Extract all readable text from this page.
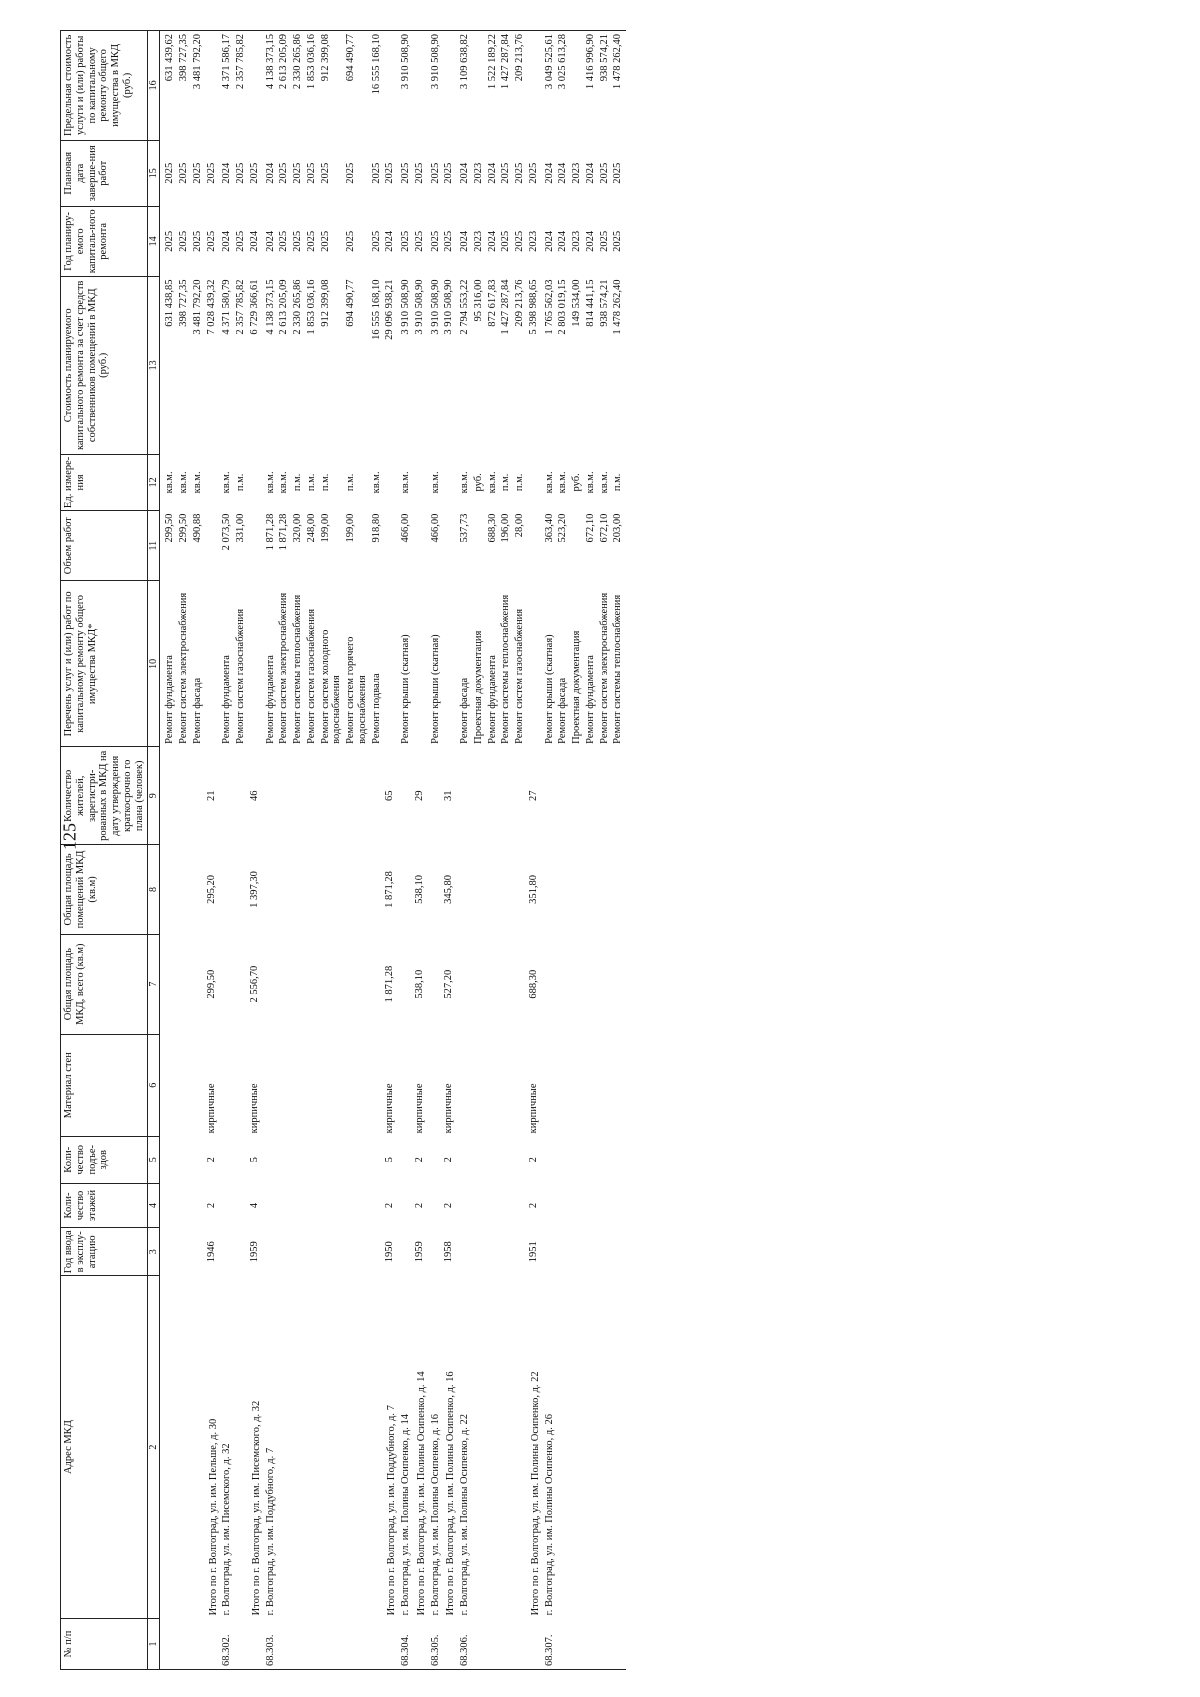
125
№ п/п	Адрес МКД	Год ввода в эксплу-атацию	Коли-чество этажей	Коли-чество подъе-здов	Материал стен	Общая площадь МКД, всего (кв.м)	Общая площадь помещений МКД (кв.м)	Количество жителей, зарегистри-рованных в МКД на дату утверждения краткосрочно го плана (человек)	Перечень услуг и (или) работ по капитальному ремонту общего имущества МКД*	Объем работ	Ед. измере-ния	Стоимость планируемого капитального ремонта за счет средств собственников помещений в МКД (руб.)	Год планиру-емого капиталь-ного ремонта	Плановая дата заверше-ния работ	Предельная стоимость услуги и (или) работы по капитальному ремонту общего имущества в МКД (руб.)
1	2	3	4	5	6	7	8	9	10	11	12	13	14	15	16
									Ремонт фундамента	299,50	кв.м.	631 438,85	2025	2025	631 439,62
									Ремонт систем электроснабжения	299,50	кв.м.	398 727,35	2025	2025	398 727,35
									Ремонт фасада	490,88	кв.м.	3 481 792,20	2025	2025	3 481 792,20
	Итого по г. Волгоград, ул. им. Пельше, д. 30	1946	2	2	кирпичные	299,50	295,20	21				7 028 439,32	2025	2025	
68.302.	г. Волгоград, ул. им. Писемского, д. 32								Ремонт фундамента	2 073,50	кв.м.	4 371 580,79	2024	2024	4 371 586,17
									Ремонт систем газоснабжения	331,00	п.м.	2 357 785,82	2025	2025	2 357 785,82
	Итого по г. Волгоград, ул. им. Писемского, д. 32	1959	4	5	кирпичные	2 556,70	1 397,30	46				6 729 366,61	2024	2025	
68.303.	г. Волгоград, ул. им. Поддубного, д. 7								Ремонт фундамента	1 871,28	кв.м.	4 138 373,15	2024	2024	4 138 373,15
									Ремонт систем электроснабжения	1 871,28	кв.м.	2 613 205,09	2025	2025	2 613 205,09
									Ремонт системы теплоснабжения	320,00	п.м.	2 330 265,86	2025	2025	2 330 265,86
									Ремонт систем газоснабжения	248,00	п.м.	1 853 036,16	2025	2025	1 853 036,16
									Ремонт систем холодного водоснабжения	199,00	п.м.	912 399,08	2025	2025	912 399,08
									Ремонт систем горячего водоснабжения	199,00	п.м.	694 490,77	2025	2025	694 490,77
									Ремонт подвала	918,80	кв.м.	16 555 168,10	2025	2025	16 555 168,10
	Итого по г. Волгоград, ул. им. Поддубного, д. 7	1950	2	5	кирпичные	1 871,28	1 871,28	65				29 096 938,21	2024	2025	
68.304.	г. Волгоград, ул. им. Полины Осипенко, д. 14								Ремонт крыши (скатная)	466,00	кв.м.	3 910 508,90	2025	2025	3 910 508,90
	Итого по г. Волгоград, ул. им. Полины Осипенко, д. 14	1959	2	2	кирпичные	538,10	538,10	29				3 910 508,90	2025	2025	
68.305.	г. Волгоград, ул. им. Полины Осипенко, д. 16								Ремонт крыши (скатная)	466,00	кв.м.	3 910 508,90	2025	2025	3 910 508,90
	Итого по г. Волгоград, ул. им. Полины Осипенко, д. 16	1958	2	2	кирпичные	527,20	345,80	31				3 910 508,90	2025	2025	
68.306.	г. Волгоград, ул. им. Полины Осипенко, д. 22								Ремонт фасада	537,73	кв.м.	2 794 553,22	2024	2024	3 109 638,82
									Проектная документация		руб.	95 316,00	2023	2023	
									Ремонт фундамента	688,30	кв.м.	872 617,83	2024	2024	1 522 189,22
									Ремонт системы теплоснабжения	196,00	п.м.	1 427 287,84	2025	2025	1 427 287,84
									Ремонт систем газоснабжения	28,00	п.м.	209 213,76	2025	2025	209 213,76
	Итого по г. Волгоград, ул. им. Полины Осипенко, д. 22	1951	2	2	кирпичные	688,30	351,80	27				5 398 988,65	2023	2025	
68.307.	г. Волгоград, ул. им. Полины Осипенко, д. 26								Ремонт крыши (скатная)	363,40	кв.м.	1 765 562,03	2024	2024	3 049 525,61
									Ремонт фасада	523,20	кв.м.	2 803 019,15	2024	2024	3 025 613,28
									Проектная документация		руб.	149 534,00	2023	2023	
									Ремонт фундамента	672,10	кв.м.	814 441,15	2024	2024	1 416 996,90
									Ремонт систем электроснабжения	672,10	кв.м.	938 574,21	2025	2025	938 574,21
									Ремонт системы теплоснабжения	203,00	п.м.	1 478 262,40	2025	2025	1 478 262,40
